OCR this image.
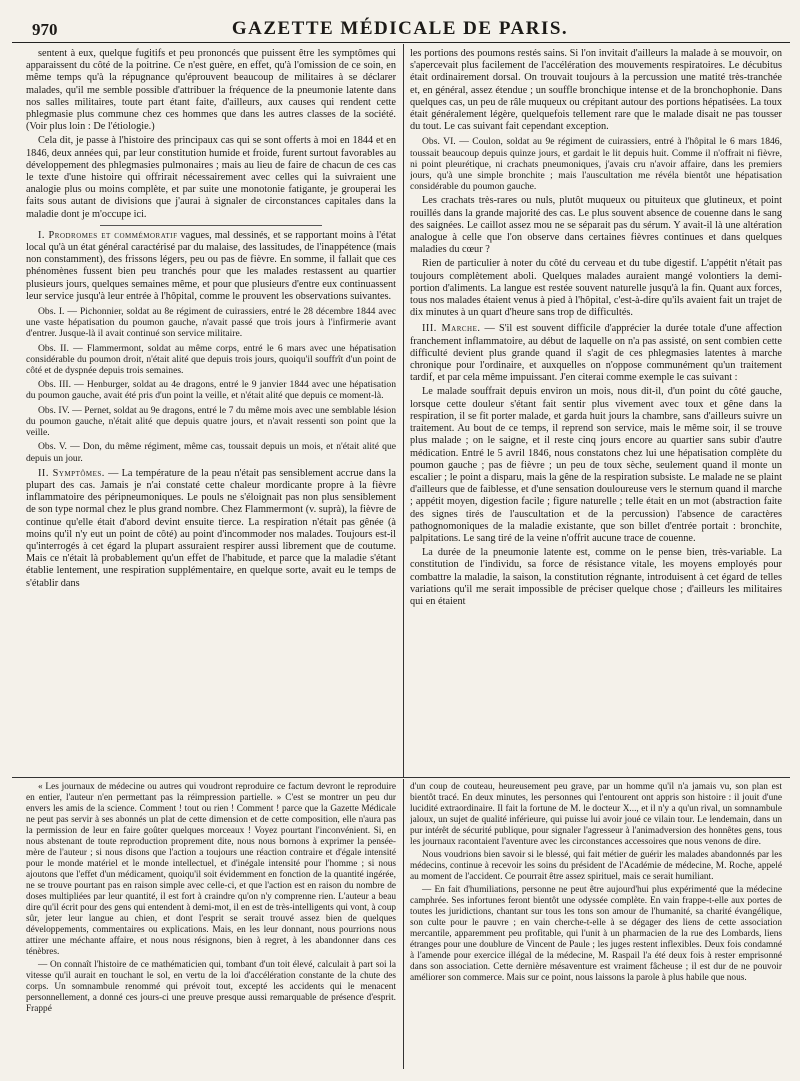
970	GAZETTE MÉDICALE DE PARIS.

sentent à eux, quelque fugitifs et peu prononcés que puissent être les symptômes qui apparaissent du côté de la poitrine. Ce n'est guère, en effet, qu'à l'omission de ce soin, en même temps qu'à la répugnance qu'éprouvent beaucoup de militaires à se déclarer malades, qu'il me semble possible d'attribuer la fréquence de la pneumonie latente dans nos salles militaires, toute part étant faite, d'ailleurs, aux causes qui rendent cette phlegmasie plus commune chez ces hommes que dans les autres classes de la société. (Voir plus loin : De l'étiologie.)

Cela dit, je passe à l'histoire des principaux cas qui se sont offerts à moi en 1844 et en 1846, deux années qui, par leur constitution humide et froide, furent surtout favorables au développement des phlegmasies pulmonaires ; mais au lieu de faire de chacun de ces cas le texte d'une histoire qui offrirait nécessairement avec celles qui la suivraient une analogie plus ou moins complète, et par suite une monotonie fatigante, je grouperai les faits sous autant de divisions que j'aurai à signaler de circonstances capitales dans la maladie dont je m'occupe ici.

I. Prodromes et commémoratif vagues, mal dessinés, et se rapportant moins à l'état local qu'à un état général caractérisé par du malaise, des lassitudes, de l'inappétence (mais non constamment), des frissons légers, peu ou pas de fièvre. En somme, il fallait que ces phénomènes fussent bien peu tranchés pour que les malades restassent au quartier plusieurs jours, quelques semaines même, et pour que plusieurs d'entre eux continuassent leur service jusqu'à leur entrée à l'hôpital, comme le prouvent les observations suivantes.

Obs. I. — Pichonnier, soldat au 8e régiment de cuirassiers, entré le 28 décembre 1844 avec une vaste hépatisation du poumon gauche, n'avait passé que trois jours à l'infirmerie avant d'entrer. Jusque-là il avait continué son service militaire.

Obs. II. — Flammermont, soldat au même corps, entré le 6 mars avec une hépatisation considérable du poumon droit, n'était alité que depuis trois jours, quoiqu'il souffrît d'un point de côté et de dyspnée depuis trois semaines.

Obs. III. — Henburger, soldat au 4e dragons, entré le 9 janvier 1844 avec une hépatisation du poumon gauche, avait été pris d'un point la veille, et n'était alité que depuis ce moment-là.

Obs. IV. — Pernet, soldat au 9e dragons, entré le 7 du même mois avec une semblable lésion du poumon gauche, n'était alité que depuis quatre jours, et n'avait ressenti son point que la veille.

Obs. V. — Don, du même régiment, même cas, toussait depuis un mois, et n'était alité que depuis un jour.

II. Symptômes. — La température de la peau n'était pas sensiblement accrue dans la plupart des cas. Jamais je n'ai constaté cette chaleur mordicante propre à la fièvre inflammatoire des péripneumoniques. Le pouls ne s'éloignait pas non plus sensiblement de son type normal chez le plus grand nombre. Chez Flammermont (v. suprà), la fièvre de continue qu'elle était d'abord devint ensuite tierce. La respiration n'était pas gênée (à moins qu'il n'y eut un point de côté) au point d'incommoder nos malades. Toujours est-il qu'interrogés à cet égard la plupart assuraient respirer aussi librement que de coutume. Mais ce n'était là probablement qu'un effet de l'habitude, et parce que la maladie s'étant établie lentement, une respiration supplémentaire, en quelque sorte, avait eu le temps de s'établir dans

les portions des poumons restés sains. Si l'on invitait d'ailleurs la malade à se mouvoir, on s'apercevait plus facilement de l'accélération des mouvements respiratoires. Le décubitus était ordinairement dorsal. On trouvait toujours à la percussion une matité très-tranchée et, en général, assez étendue ; un souffle bronchique intense et de la bronchophonie. Dans quelques cas, un peu de râle muqueux ou crépitant autour des portions hépatisées. La toux était généralement légère, quelquefois tellement rare que le malade disait ne pas tousser du tout. Le cas suivant fait cependant exception.

Obs. VI. — Coulon, soldat au 9e régiment de cuirassiers, entré à l'hôpital le 6 mars 1846, toussait beaucoup depuis quinze jours, et gardait le lit depuis huit. Comme il n'offrait ni fièvre, ni point pleurétique, ni crachats pneumoniques, j'avais cru n'avoir affaire, dans les premiers jours, qu'à une simple bronchite ; mais l'auscultation me révéla bientôt une hépatisation considérable du poumon gauche.

Les crachats très-rares ou nuls, plutôt muqueux ou pituiteux que glutineux, et point rouillés dans la grande majorité des cas. Le plus souvent absence de couenne dans le sang des saignées. Le caillot assez mou ne se séparait pas du sérum. Y avait-il là une altération analogue à celle que l'on observe dans certaines fièvres continues et dans quelques maladies du cœur ?

Rien de particulier à noter du côté du cerveau et du tube digestif. L'appétit n'était pas toujours complètement aboli. Quelques malades auraient mangé volontiers la demi-portion d'aliments. La langue est restée souvent naturelle jusqu'à la fin. Quant aux forces, tous nos malades étaient venus à pied à l'hôpital, c'est-à-dire qu'ils avaient fait un trajet de dix minutes à un quart d'heure sans trop de difficultés.

III. Marche. — S'il est souvent difficile d'apprécier la durée totale d'une affection franchement inflammatoire, au début de laquelle on n'a pas assisté, on sent combien cette difficulté devient plus grande quand il s'agit de ces phlegmasies latentes à marche chronique pour l'ordinaire, et auxquelles on n'oppose communément qu'un traitement tardif, et par cela même impuissant. J'en citerai comme exemple le cas suivant :

Le malade souffrait depuis environ un mois, nous dit-il, d'un point du côté gauche, lorsque cette douleur s'étant fait sentir plus vivement avec toux et gêne dans la respiration, il se fit porter malade, et garda huit jours la chambre, sans d'ailleurs suivre un traitement. Au bout de ce temps, il reprend son service, mais le même soir, il se trouve plus malade ; on le saigne, et il reste cinq jours encore au quartier sans subir d'autre médication. Entré le 5 avril 1846, nous constatons chez lui une hépatisation complète du poumon gauche ; pas de fièvre ; un peu de toux sèche, seulement quand il monte un escalier ; le point a disparu, mais la gêne de la respiration subsiste. Le malade ne se plaint d'ailleurs que de faiblesse, et d'une sensation douloureuse vers le sternum quand il marche ; appétit moyen, digestion facile ; figure naturelle ; telle était en un mot (abstraction faite des signes tirés de l'auscultation et de la percussion) l'absence de caractères pathognomoniques de la maladie existante, que son billet d'entrée portait : bronchite, palpitations. Le sang tiré de la veine n'offrit aucune trace de couenne.

La durée de la pneumonie latente est, comme on le pense bien, très-variable. La constitution de l'individu, sa force de résistance vitale, les moyens employés pour combattre la maladie, la saison, la constitution régnante, introduisent à cet égard de telles variations qu'il me serait impossible de préciser quelque chose ; d'ailleurs les militaires qui en étaient

« Les journaux de médecine ou autres qui voudront reproduire ce factum devront le reproduire en entier, l'auteur n'en permettant pas la réimpression partielle. » C'est se montrer un peu dur envers les amis de la science. Comment ! tout ou rien ! Comment ! parce que la Gazette Médicale ne peut pas servir à ses abonnés un plat de cette dimension et de cette composition, elle n'aura pas la permission de leur en faire goûter quelques morceaux ! Voyez pourtant l'inconvénient. Si, en nous abstenant de toute reproduction proprement dite, nous nous bornons à exprimer la pensée-mère de l'auteur ; si nous disons que l'action a toujours une réaction contraire et d'égale intensité pour le monde matériel et le monde intellectuel, et d'inégale intensité pour l'homme ; si nous ajoutons que l'effet d'un médicament, quoiqu'il soit évidemment en fonction de la quantité ingérée, ne se trouve pourtant pas en raison simple avec celle-ci, et que l'action est en raison du nombre de doses multipliées par leur quantité, il est fort à craindre qu'on n'y comprenne rien. L'auteur a beau dire qu'il écrit pour des gens qui entendent à demi-mot, il en est de très-intelligents qui vont, à coup sûr, jeter leur langue au chien, et dont l'esprit se serait trouvé assez bien de quelques développements, commentaires ou explications. Mais, en les leur donnant, nous pourrions nous attirer une méchante affaire, et nous nous résignons, bien à regret, à les abandonner dans ces ténèbres.

— On connaît l'histoire de ce mathématicien qui, tombant d'un toit élevé, calculait à part soi la vitesse qu'il aurait en touchant le sol, en vertu de la loi d'accélération constante de la chute des corps. Un somnambule renommé qui prévoit tout, excepté les accidents qui le menacent personnellement, a donné ces jours-ci une preuve presque aussi remarquable de présence d'esprit. Frappé

d'un coup de couteau, heureusement peu grave, par un homme qu'il n'a jamais vu, son plan est bientôt tracé. En deux minutes, les personnes qui l'entourent ont appris son histoire : il jouit d'une lucidité extraordinaire. Il fait la fortune de M. le docteur X..., et il n'y a qu'un rival, un somnambule jaloux, un sujet de qualité inférieure, qui puisse lui avoir joué ce vilain tour. Le lendemain, dans un pur intérêt de sécurité publique, pour signaler l'agresseur à l'animadversion des honnêtes gens, tous les journaux racontaient l'aventure avec les circonstances accessoires que nous venons de dire.

Nous voudrions bien savoir si le blessé, qui fait métier de guérir les malades abandonnés par les médecins, continue à recevoir les soins du président de l'Académie de médecine, M. Roche, appelé au moment de l'accident. Ce pourrait être assez spirituel, mais ce serait humiliant.

— En fait d'humiliations, personne ne peut être aujourd'hui plus expérimenté que la médecine camphrée. Ses infortunes feront bientôt une odyssée complète. En vain frappe-t-elle aux portes de toutes les juridictions, chantant sur tous les tons son amour de l'humanité, sa charité évangélique, son culte pour le pauvre ; en vain cherche-t-elle à se dégager des liens de cette association mercantile, apparemment peu profitable, qui l'unit à un pharmacien de la rue des Lombards, liens étranges pour une doublure de Vincent de Paule ; les juges restent inflexibles. Deux fois condamné à l'amende pour exercice illégal de la médecine, M. Raspail l'a été deux fois à rester emprisonné dans son association. Cette dernière mésaventure est vraiment fâcheuse ; il est dur de ne pouvoir améliorer son commerce. Mais sur ce point, nous laissons la parole à plus habile que nous.
